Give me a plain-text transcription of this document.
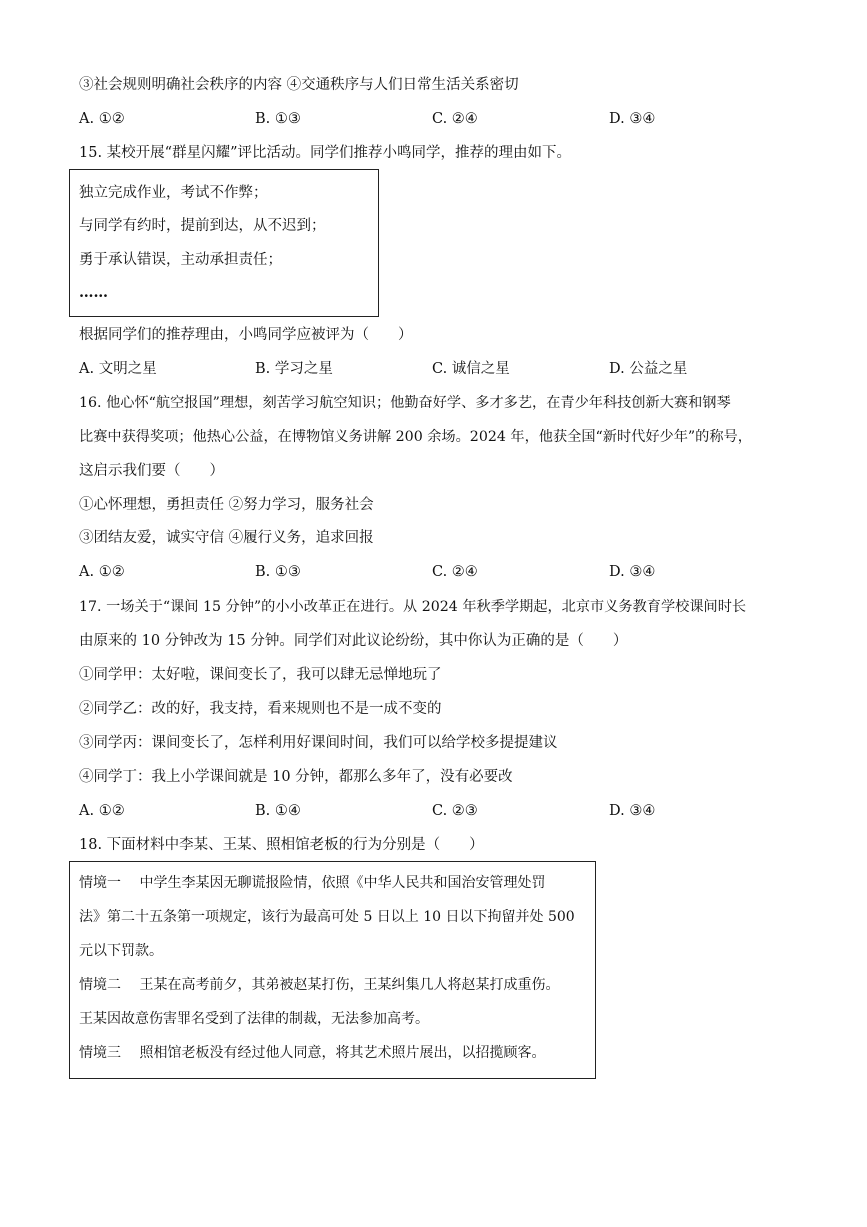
③社会规则明确社会秩序的内容 ④交通秩序与人们日常生活关系密切
A. ①②	B. ①③	C. ②④	D. ③④
15. 某校开展“群星闪耀”评比活动。同学们推荐小鸣同学，推荐的理由如下。
独立完成作业，考试不作弊；
与同学有约时，提前到达，从不迟到；
勇于承认错误，主动承担责任；
……
根据同学们的推荐理由，小鸣同学应被评为（　　）
A. 文明之星	B. 学习之星	C. 诚信之星	D. 公益之星
16. 他心怀“航空报国”理想，刻苦学习航空知识；他勤奋好学、多才多艺，在青少年科技创新大赛和钢琴
比赛中获得奖项；他热心公益，在博物馆义务讲解 200 余场。2024 年，他获全国“新时代好少年”的称号，
这启示我们要（　　）
①心怀理想，勇担责任 ②努力学习，服务社会
③团结友爱，诚实守信 ④履行义务，追求回报
A. ①②	B. ①③	C. ②④	D. ③④
17. 一场关于“课间 15 分钟”的小小改革正在进行。从 2024 年秋季学期起，北京市义务教育学校课间时长
由原来的 10 分钟改为 15 分钟。同学们对此议论纷纷，其中你认为正确的是（　　）
①同学甲：太好啦，课间变长了，我可以肆无忌惮地玩了
②同学乙：改的好，我支持，看来规则也不是一成不变的
③同学丙：课间变长了，怎样利用好课间时间，我们可以给学校多提提建议
④同学丁：我上小学课间就是 10 分钟，都那么多年了，没有必要改
A. ①②	B. ①④	C. ②③	D. ③④
18. 下面材料中李某、王某、照相馆老板的行为分别是（　　）
情境一　 中学生李某因无聊谎报险情，依照《中华人民共和国治安管理处罚
法》第二十五条第一项规定，该行为最高可处 5 日以上 10 日以下拘留并处 500
元以下罚款。
情境二　 王某在高考前夕，其弟被赵某打伤，王某纠集几人将赵某打成重伤。
王某因故意伤害罪名受到了法律的制裁，无法参加高考。
情境三　 照相馆老板没有经过他人同意，将其艺术照片展出，以招揽顾客。
